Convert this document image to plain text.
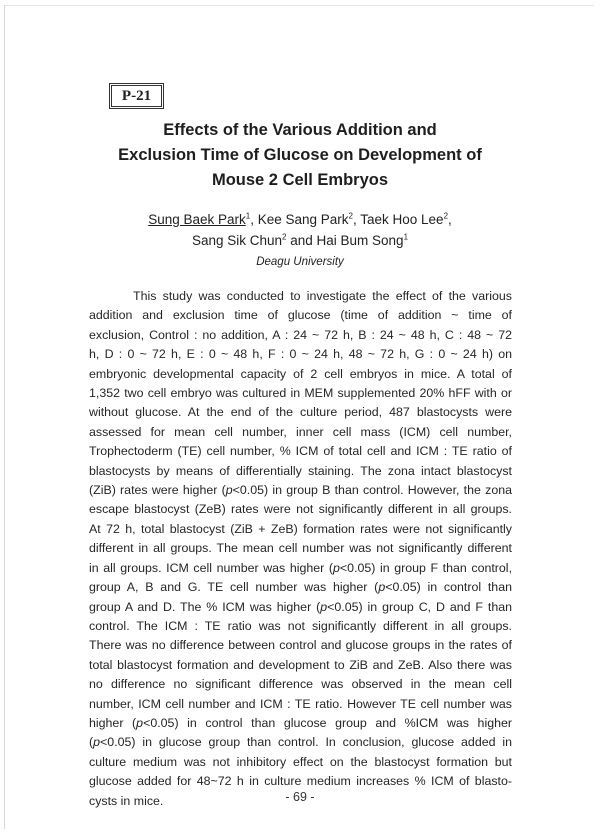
P-21
Effects of the Various Addition and
Exclusion Time of Glucose on Development of
Mouse 2 Cell Embryos
Sung Baek Park$^1$, Kee Sang Park$^2$, Taek Hoo Lee$^2$,
Sang Sik Chun$^2$ and Hai Bum Song$^1$
Deagu University
This study was conducted to investigate the effect of the various
addition and exclusion time of glucose (time of addition ~ time of
exclusion, Control : no addition, A : 24 ~ 72 h, B : 24 ~ 48 h, C : 48 ~ 72
h, D : 0 ~ 72 h, E : 0 ~ 48 h, F : 0 ~ 24 h, 48 ~ 72 h, G : 0 ~ 24 h) on
embryonic developmental capacity of 2 cell embryos in mice. A total of
1,352 two cell embryo was cultured in MEM supplemented 20% hFF with or
without glucose. At the end of the culture period, 487 blastocysts were
assessed for mean cell number, inner cell mass (ICM) cell number,
Trophectoderm (TE) cell number, % ICM of total cell and ICM : TE ratio of
blastocysts by means of differentially staining. The zona intact blastocyst
(ZiB) rates were higher (p<0.05) in group B than control. However, the zona
escape blastocyst (ZeB) rates were not significantly different in all groups.
At 72 h, total blastocyst (ZiB + ZeB) formation rates were not significantly
different in all groups. The mean cell number was not significantly different
in all groups. ICM cell number was higher (p<0.05) in group F than control,
group A, B and G. TE cell number was higher (p<0.05) in control than
group A and D. The % ICM was higher (p<0.05) in group C, D and F than
control. The ICM : TE ratio was not significantly different in all groups.
There was no difference between control and glucose groups in the rates of
total blastocyst formation and development to ZiB and ZeB. Also there was
no difference no significant difference was observed in the mean cell
number, ICM cell number and ICM : TE ratio. However TE cell number was
higher (p<0.05) in control than glucose group and %ICM was higher
(p<0.05) in glucose group than control. In conclusion, glucose added in
culture medium was not inhibitory effect on the blastocyst formation but
glucose added for 48~72 h in culture medium increases % ICM of blasto-
cysts in mice.	- 69 -
